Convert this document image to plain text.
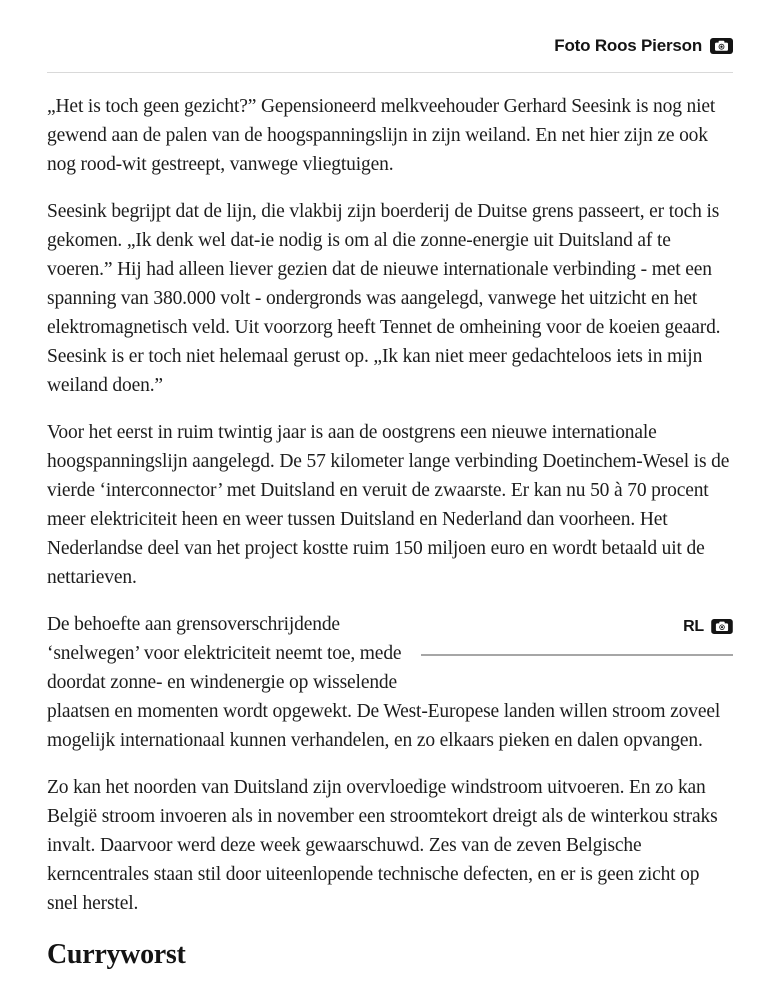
Foto Roos Pierson

„Het is toch geen gezicht?” Gepensioneerd melkveehouder Gerhard Seesink is nog niet gewend aan de palen van de hoogspanningslijn in zijn weiland. En net hier zijn ze ook nog rood-wit gestreept, vanwege vliegtuigen.

Seesink begrijpt dat de lijn, die vlakbij zijn boerderij de Duitse grens passeert, er toch is gekomen. „Ik denk wel dat-ie nodig is om al die zonne-energie uit Duitsland af te voeren.” Hij had alleen liever gezien dat de nieuwe internationale verbinding - met een spanning van 380.000 volt - ondergronds was aangelegd, vanwege het uitzicht en het elektromagnetisch veld. Uit voorzorg heeft Tennet de omheining voor de koeien geaard. Seesink is er toch niet helemaal gerust op. „Ik kan niet meer gedachteloos iets in mijn weiland doen.”

Voor het eerst in ruim twintig jaar is aan de oostgrens een nieuwe internationale hoogspanningslijn aangelegd. De 57 kilometer lange verbinding Doetinchem-Wesel is de vierde ‘interconnector’ met Duitsland en veruit de zwaarste. Er kan nu 50 à 70 procent meer elektriciteit heen en weer tussen Duitsland en Nederland dan voorheen. Het Nederlandse deel van het project kostte ruim 150 miljoen euro en wordt betaald uit de nettarieven.

RL
De behoefte aan grensoverschrijdende ‘snelwegen’ voor elektriciteit neemt toe, mede doordat zonne- en windenergie op wisselende plaatsen en momenten wordt opgewekt. De West-Europese landen willen stroom zoveel mogelijk internationaal kunnen verhandelen, en zo elkaars pieken en dalen opvangen.

Zo kan het noorden van Duitsland zijn overvloedige windstroom uitvoeren. En zo kan België stroom invoeren als in november een stroomtekort dreigt als de winterkou straks invalt. Daarvoor werd deze week gewaarschuwd. Zes van de zeven Belgische kerncentrales staan stil door uiteenlopende technische defecten, en er is geen zicht op snel herstel.

Curryworst
